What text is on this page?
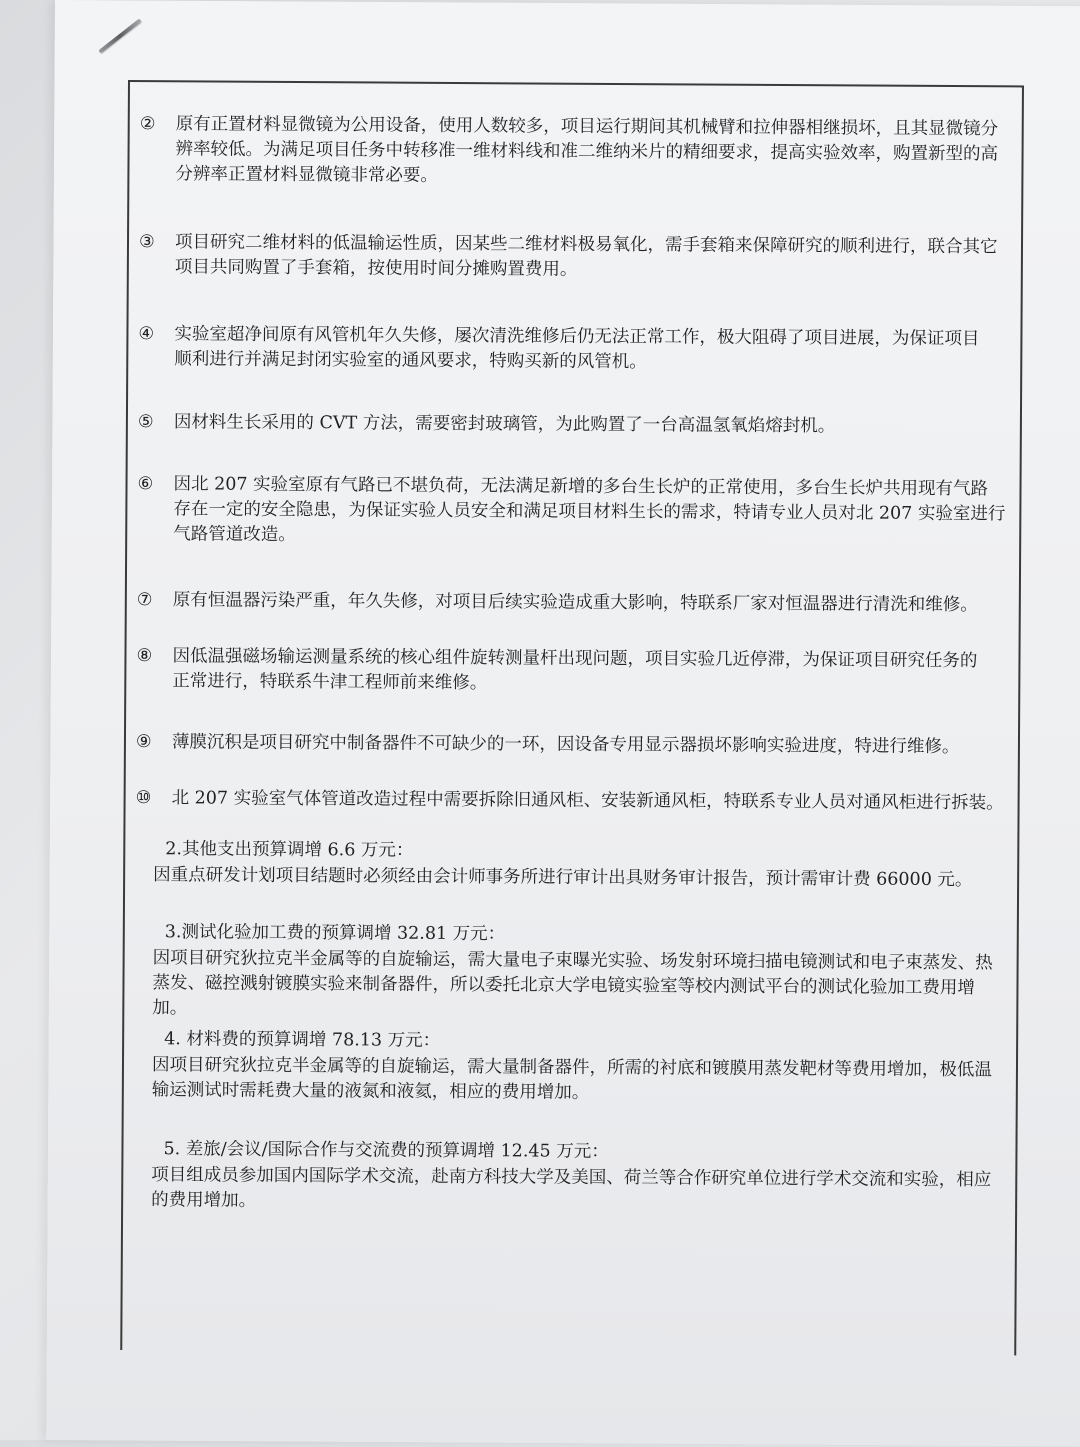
② 原有正置材料显微镜为公用设备，使用人数较多，项目运行期间其机械臂和拉伸器相继损坏，且其显微镜分
辨率较低。为满足项目任务中转移准一维材料线和准二维纳米片的精细要求，提高实验效率，购置新型的高分辨率正置材料显微镜非常必要。
③ 项目研究二维材料的低温输运性质，因某些二维材料极易氧化，需手套箱来保障研究的顺利进行，联合其它
项目共同购置了手套箱，按使用时间分摊购置费用。
④ 实验室超净间原有风管机年久失修，屡次清洗维修后仍无法正常工作，极大阻碍了项目进展，为保证项目
顺利进行并满足封闭实验室的通风要求，特购买新的风管机。
⑤ 因材料生长采用的 CVT 方法，需要密封玻璃管，为此购置了一台高温氢氧焰熔封机。
⑥ 因北 207 实验室原有气路已不堪负荷，无法满足新增的多台生长炉的正常使用，多台生长炉共用现有气路
存在一定的安全隐患，为保证实验人员安全和满足项目材料生长的需求，特请专业人员对北 207 实验室进行气路管道改造。
⑦ 原有恒温器污染严重，年久失修，对项目后续实验造成重大影响，特联系厂家对恒温器进行清洗和维修。
⑧ 因低温强磁场输运测量系统的核心组件旋转测量杆出现问题，项目实验几近停滞，为保证项目研究任务的
正常进行，特联系牛津工程师前来维修。
⑨ 薄膜沉积是项目研究中制备器件不可缺少的一环，因设备专用显示器损坏影响实验进度，特进行维修。
⑩ 北 207 实验室气体管道改造过程中需要拆除旧通风柜、安装新通风柜，特联系专业人员对通风柜进行拆装。
2.其他支出预算调增 6.6 万元：
因重点研发计划项目结题时必须经由会计师事务所进行审计出具财务审计报告，预计需审计费 66000 元。
3.测试化验加工费的预算调增 32.81 万元：
因项目研究狄拉克半金属等的自旋输运，需大量电子束曝光实验、场发射环境扫描电镜测试和电子束蒸发、热蒸发、磁控溅射镀膜实验来制备器件，所以委托北京大学电镜实验室等校内测试平台的测试化验加工费用增加。
4. 材料费的预算调增 78.13 万元：
因项目研究狄拉克半金属等的自旋输运，需大量制备器件，所需的衬底和镀膜用蒸发靶材等费用增加，极低温输运测试时需耗费大量的液氮和液氦，相应的费用增加。
5. 差旅/会议/国际合作与交流费的预算调增 12.45 万元：
项目组成员参加国内国际学术交流，赴南方科技大学及美国、荷兰等合作研究单位进行学术交流和实验，相应的费用增加。
